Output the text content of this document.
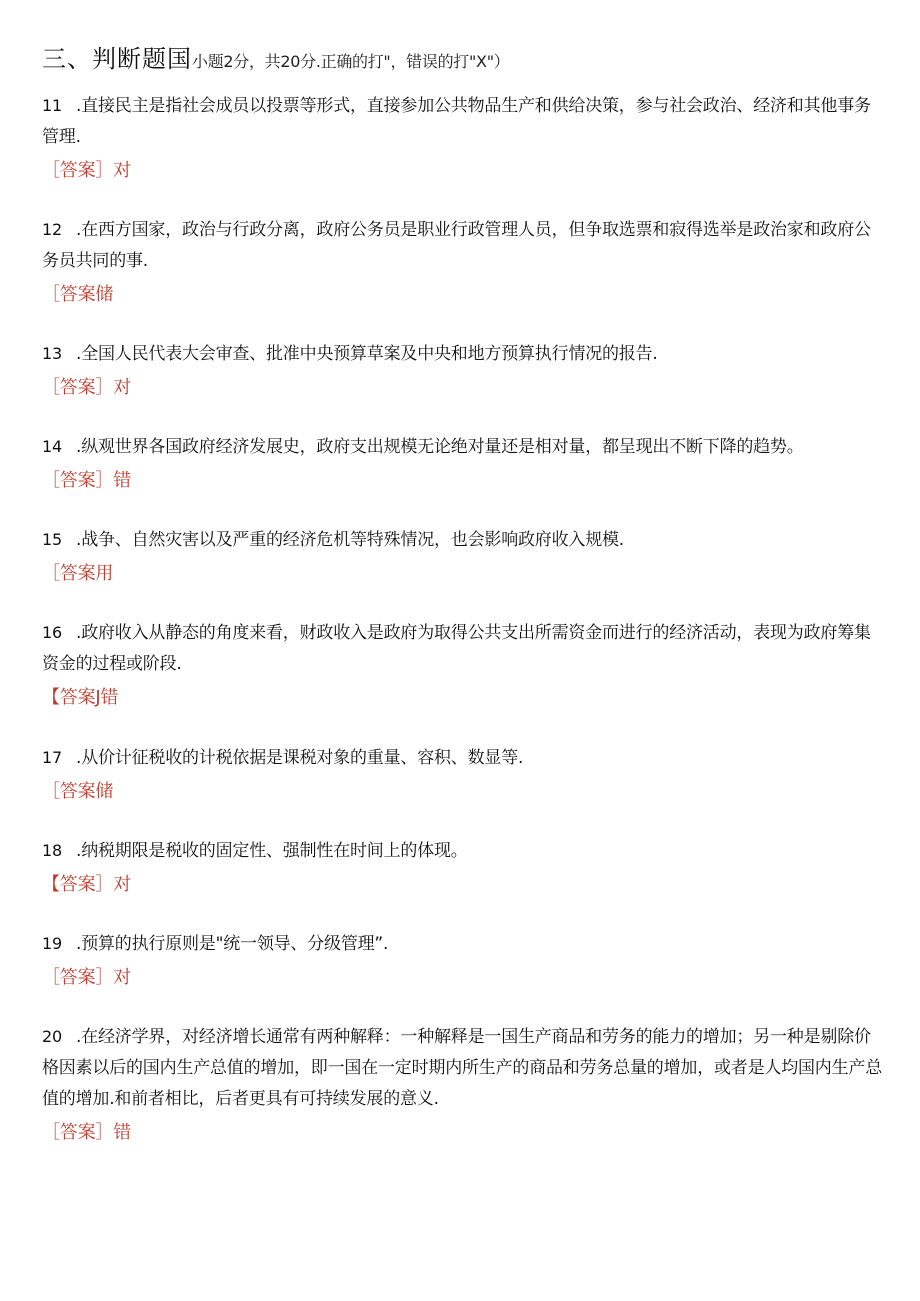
三、判断题国小题2分，共20分.正确的打"，错误的打"X"）
11 .直接民主是指社会成员以投票等形式，直接参加公共物品生产和供给决策，参与社会政治、经济和其他事务管理.
［答案］对
12 .在西方国家，政治与行政分离，政府公务员是职业行政管理人员，但争取选票和寂得选举是政治家和政府公务员共同的事.
［答案储
13 .全国人民代表大会审查、批准中央预算草案及中央和地方预算执行情况的报告.
［答案］对
14 .纵观世界各国政府经济发展史，政府支出规模无论绝对量还是相对量，都呈现出不断下降的趋势。
［答案］错
15 .战争、自然灾害以及严重的经济危机等特殊情况，也会影响政府收入规模.
［答案用
16 .政府收入从静态的角度来看，财政收入是政府为取得公共支出所需资金而进行的经济活动，表现为政府筹集资金的过程或阶段.
【答案J错
17 .从价计征税收的计税依据是课税对象的重量、容积、数显等.
［答案储
18 .纳税期限是税收的固定性、强制性在时间上的体现。
【答案］对
19 .预算的执行原则是"统一领导、分级管理”.
［答案］对
20 .在经济学界，对经济增长通常有两种解释：一种解释是一国生产商品和劳务的能力的增加；另一种是剔除价格因素以后的国内生产总值的增加，即一国在一定时期内所生产的商品和劳务总量的增加，或者是人均国内生产总值的增加.和前者相比，后者更具有可持续发展的意义.
［答案］错
